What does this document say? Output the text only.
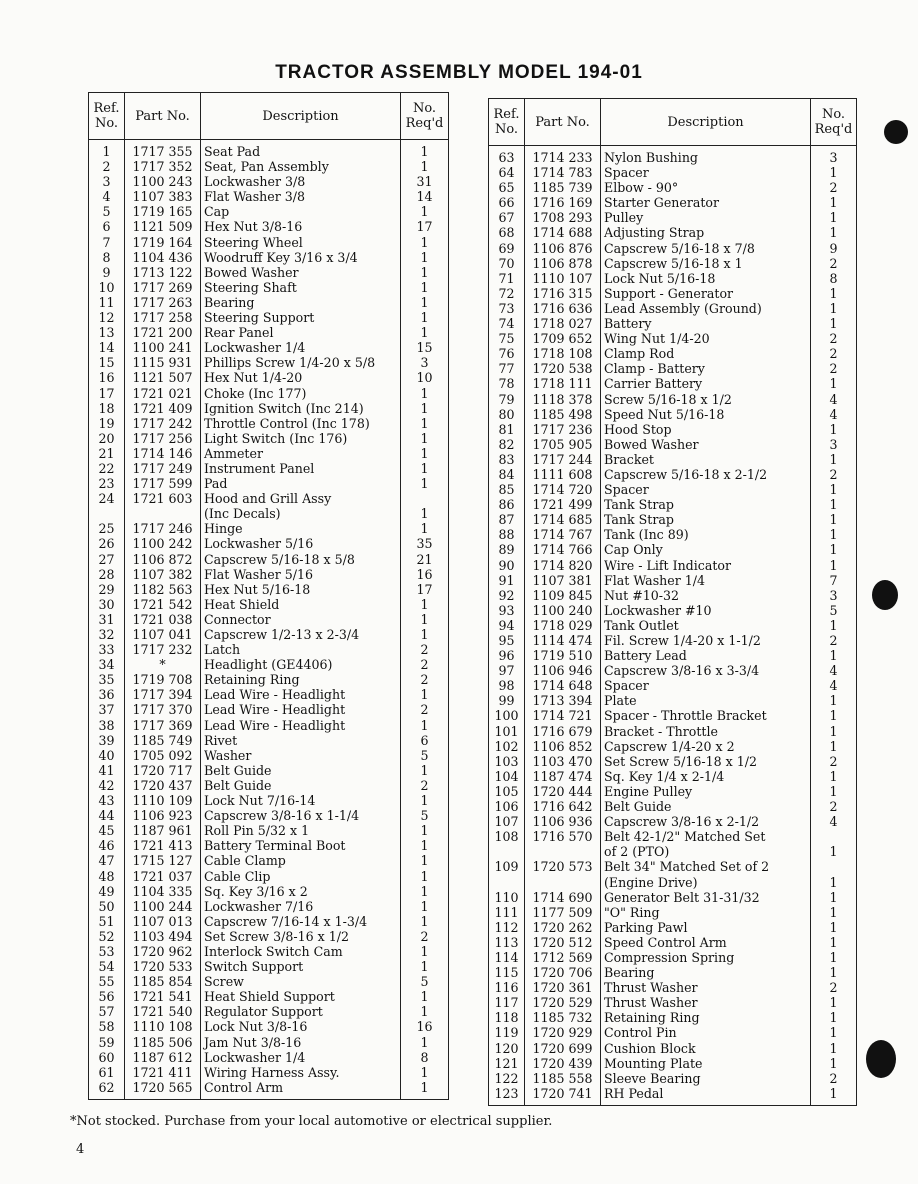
TRACTOR ASSEMBLY MODEL 194-01
Ref. No.	Part No.	Description	No. Req'd
1	1717 355	Seat Pad	1
2	1717 352	Seat, Pan Assembly	1
3	1100 243	Lockwasher 3/8	31
4	1107 383	Flat Washer 3/8	14
5	1719 165	Cap	1
6	1121 509	Hex Nut 3/8-16	17
7	1719 164	Steering Wheel	1
8	1104 436	Woodruff Key 3/16 x 3/4	1
9	1713 122	Bowed Washer	1
10	1717 269	Steering Shaft	1
11	1717 263	Bearing	1
12	1717 258	Steering Support	1
13	1721 200	Rear Panel	1
14	1100 241	Lockwasher 1/4	15
15	1115 931	Phillips Screw 1/4-20 x 5/8	3
16	1121 507	Hex Nut 1/4-20	10
17	1721 021	Choke (Inc 177)	1
18	1721 409	Ignition Switch (Inc 214)	1
19	1717 242	Throttle Control (Inc 178)	1
20	1717 256	Light Switch (Inc 176)	1
21	1714 146	Ammeter	1
22	1717 249	Instrument Panel	1
23	1717 599	Pad	1
24	1721 603	Hood and Grill Assy	
		(Inc Decals)	1
25	1717 246	Hinge	1
26	1100 242	Lockwasher 5/16	35
27	1106 872	Capscrew 5/16-18 x 5/8	21
28	1107 382	Flat Washer 5/16	16
29	1182 563	Hex Nut 5/16-18	17
30	1721 542	Heat Shield	1
31	1721 038	Connector	1
32	1107 041	Capscrew 1/2-13 x 2-3/4	1
33	1717 232	Latch	2
34	*	Headlight (GE4406)	2
35	1719 708	Retaining Ring	2
36	1717 394	Lead Wire - Headlight	1
37	1717 370	Lead Wire - Headlight	2
38	1717 369	Lead Wire - Headlight	1
39	1185 749	Rivet	6
40	1705 092	Washer	5
41	1720 717	Belt Guide	1
42	1720 437	Belt Guide	2
43	1110 109	Lock Nut 7/16-14	1
44	1106 923	Capscrew 3/8-16 x 1-1/4	5
45	1187 961	Roll Pin 5/32 x 1	1
46	1721 413	Battery Terminal Boot	1
47	1715 127	Cable Clamp	1
48	1721 037	Cable Clip	1
49	1104 335	Sq. Key 3/16 x 2	1
50	1100 244	Lockwasher 7/16	1
51	1107 013	Capscrew 7/16-14 x 1-3/4	1
52	1103 494	Set Screw 3/8-16 x 1/2	2
53	1720 962	Interlock Switch Cam	1
54	1720 533	Switch Support	1
55	1185 854	Screw	5
56	1721 541	Heat Shield Support	1
57	1721 540	Regulator Support	1
58	1110 108	Lock Nut 3/8-16	16
59	1185 506	Jam Nut 3/8-16	1
60	1187 612	Lockwasher 1/4	8
61	1721 411	Wiring Harness Assy.	1
62	1720 565	Control Arm	1
Ref. No.	Part No.	Description	No. Req'd
63	1714 233	Nylon Bushing	3
64	1714 783	Spacer	1
65	1185 739	Elbow - 90°	2
66	1716 169	Starter Generator	1
67	1708 293	Pulley	1
68	1714 688	Adjusting Strap	1
69	1106 876	Capscrew 5/16-18 x 7/8	9
70	1106 878	Capscrew 5/16-18 x 1	2
71	1110 107	Lock Nut 5/16-18	8
72	1716 315	Support - Generator	1
73	1716 636	Lead Assembly (Ground)	1
74	1718 027	Battery	1
75	1709 652	Wing Nut 1/4-20	2
76	1718 108	Clamp Rod	2
77	1720 538	Clamp - Battery	2
78	1718 111	Carrier Battery	1
79	1118 378	Screw 5/16-18 x 1/2	4
80	1185 498	Speed Nut 5/16-18	4
81	1717 236	Hood Stop	1
82	1705 905	Bowed Washer	3
83	1717 244	Bracket	1
84	1111 608	Capscrew 5/16-18 x 2-1/2	2
85	1714 720	Spacer	1
86	1721 499	Tank Strap	1
87	1714 685	Tank Strap	1
88	1714 767	Tank (Inc 89)	1
89	1714 766	Cap Only	1
90	1714 820	Wire - Lift Indicator	1
91	1107 381	Flat Washer 1/4	7
92	1109 845	Nut #10-32	3
93	1100 240	Lockwasher #10	5
94	1718 029	Tank Outlet	1
95	1114 474	Fil. Screw 1/4-20 x 1-1/2	2
96	1719 510	Battery Lead	1
97	1106 946	Capscrew 3/8-16 x 3-3/4	4
98	1714 648	Spacer	4
99	1713 394	Plate	1
100	1714 721	Spacer - Throttle Bracket	1
101	1716 679	Bracket - Throttle	1
102	1106 852	Capscrew 1/4-20 x 2	1
103	1103 470	Set Screw 5/16-18 x 1/2	2
104	1187 474	Sq. Key 1/4 x 2-1/4	1
105	1720 444	Engine Pulley	1
106	1716 642	Belt Guide	2
107	1106 936	Capscrew 3/8-16 x 2-1/2	4
108	1716 570	Belt 42-1/2" Matched Set	
		of 2 (PTO)	1
109	1720 573	Belt 34" Matched Set of 2	
		(Engine Drive)	1
110	1714 690	Generator Belt 31-31/32	1
111	1177 509	"O" Ring	1
112	1720 262	Parking Pawl	1
113	1720 512	Speed Control Arm	1
114	1712 569	Compression Spring	1
115	1720 706	Bearing	1
116	1720 361	Thrust Washer	2
117	1720 529	Thrust Washer	1
118	1185 732	Retaining Ring	1
119	1720 929	Control Pin	1
120	1720 699	Cushion Block	1
121	1720 439	Mounting Plate	1
122	1185 558	Sleeve Bearing	2
123	1720 741	RH Pedal	1
*Not stocked. Purchase from your local automotive or electrical supplier.
4
